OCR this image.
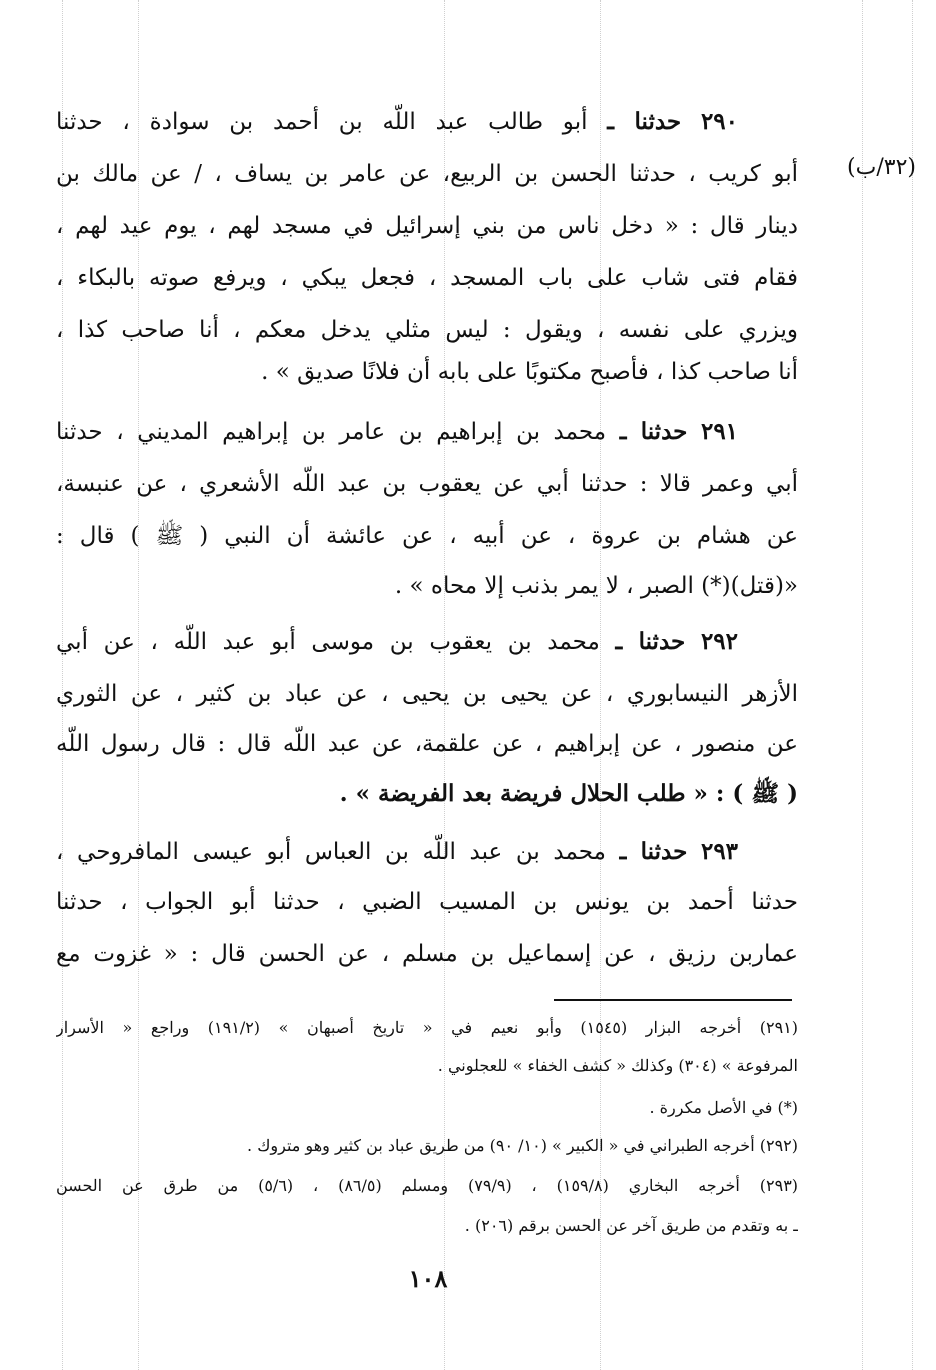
(٣٢/ب)
٢٩٠ حدثنا ـ أبو طالب عبد اللّه بن أحمد بن سوادة ، حدثنا
أبو كريب ، حدثنا الحسن بن الربيع، عن عامر بن يساف ، / عن مالك بن
دينار قال : « دخل ناس من بني إسرائيل في مسجد لهم ، يوم عيد لهم ،
فقام فتى شاب على باب المسجد ، فجعل يبكي ، ويرفع صوته بالبكاء ،
ويزري على نفسه ، ويقول : ليس مثلي يدخل معكم ، أنا صاحب كذا ،
أنا صاحب كذا ، فأصبح مكتوبًا على بابه أن فلانًا صديق » .
٢٩١ حدثنا ـ محمد بن إبراهيم بن عامر بن إبراهيم المديني ، حدثنا
أبي وعمر قالا : حدثنا أبي عن يعقوب بن عبد اللّه الأشعري ، عن عنبسة،
عن هشام بن عروة ، عن أبيه ، عن عائشة أن النبي ( ﷺ ) قال :
«(قتل)(*) الصبر ، لا يمر بذنب إلا محاه » .
٢٩٢ حدثنا ـ محمد بن يعقوب بن موسى أبو عبد اللّه ، عن أبي
الأزهر النيسابوري ، عن يحيى بن يحيى ، عن عباد بن كثير ، عن الثوري
عن منصور ، عن إبراهيم ، عن علقمة، عن عبد اللّه قال : قال رسول اللّه
( ﷺ ) : « طلب الحلال فريضة بعد الفريضة » .
٢٩٣ حدثنا ـ محمد بن عبد اللّه بن العباس أبو عيسى المافروحي ،
حدثنا أحمد بن يونس بن المسيب الضبي ، حدثنا أبو الجواب ، حدثنا
عماربن رزيق ، عن إسماعيل بن مسلم ، عن الحسن قال : « غزوت مع
(٢٩١) أخرجه البزار (١٥٤٥) وأبو نعيم في « تاريخ أصبهان » (١٩١/٢) وراجع « الأسرار
المرفوعة » (٣٠٤) وكذلك « كشف الخفاء » للعجلوني .
(*) في الأصل مكررة .
(٢٩٢) أخرجه الطبراني في « الكبير » (١٠/ ٩٠) من طريق عباد بن كثير وهو متروك .
(٢٩٣) أخرجه البخاري (١٥٩/٨) ، (٧٩/٩) ومسلم (٨٦/٥) ، (٥/٦) من طرق عن الحسن
ـ به وتقدم من طريق آخر عن الحسن برقم (٢٠٦) .
١٠٨
